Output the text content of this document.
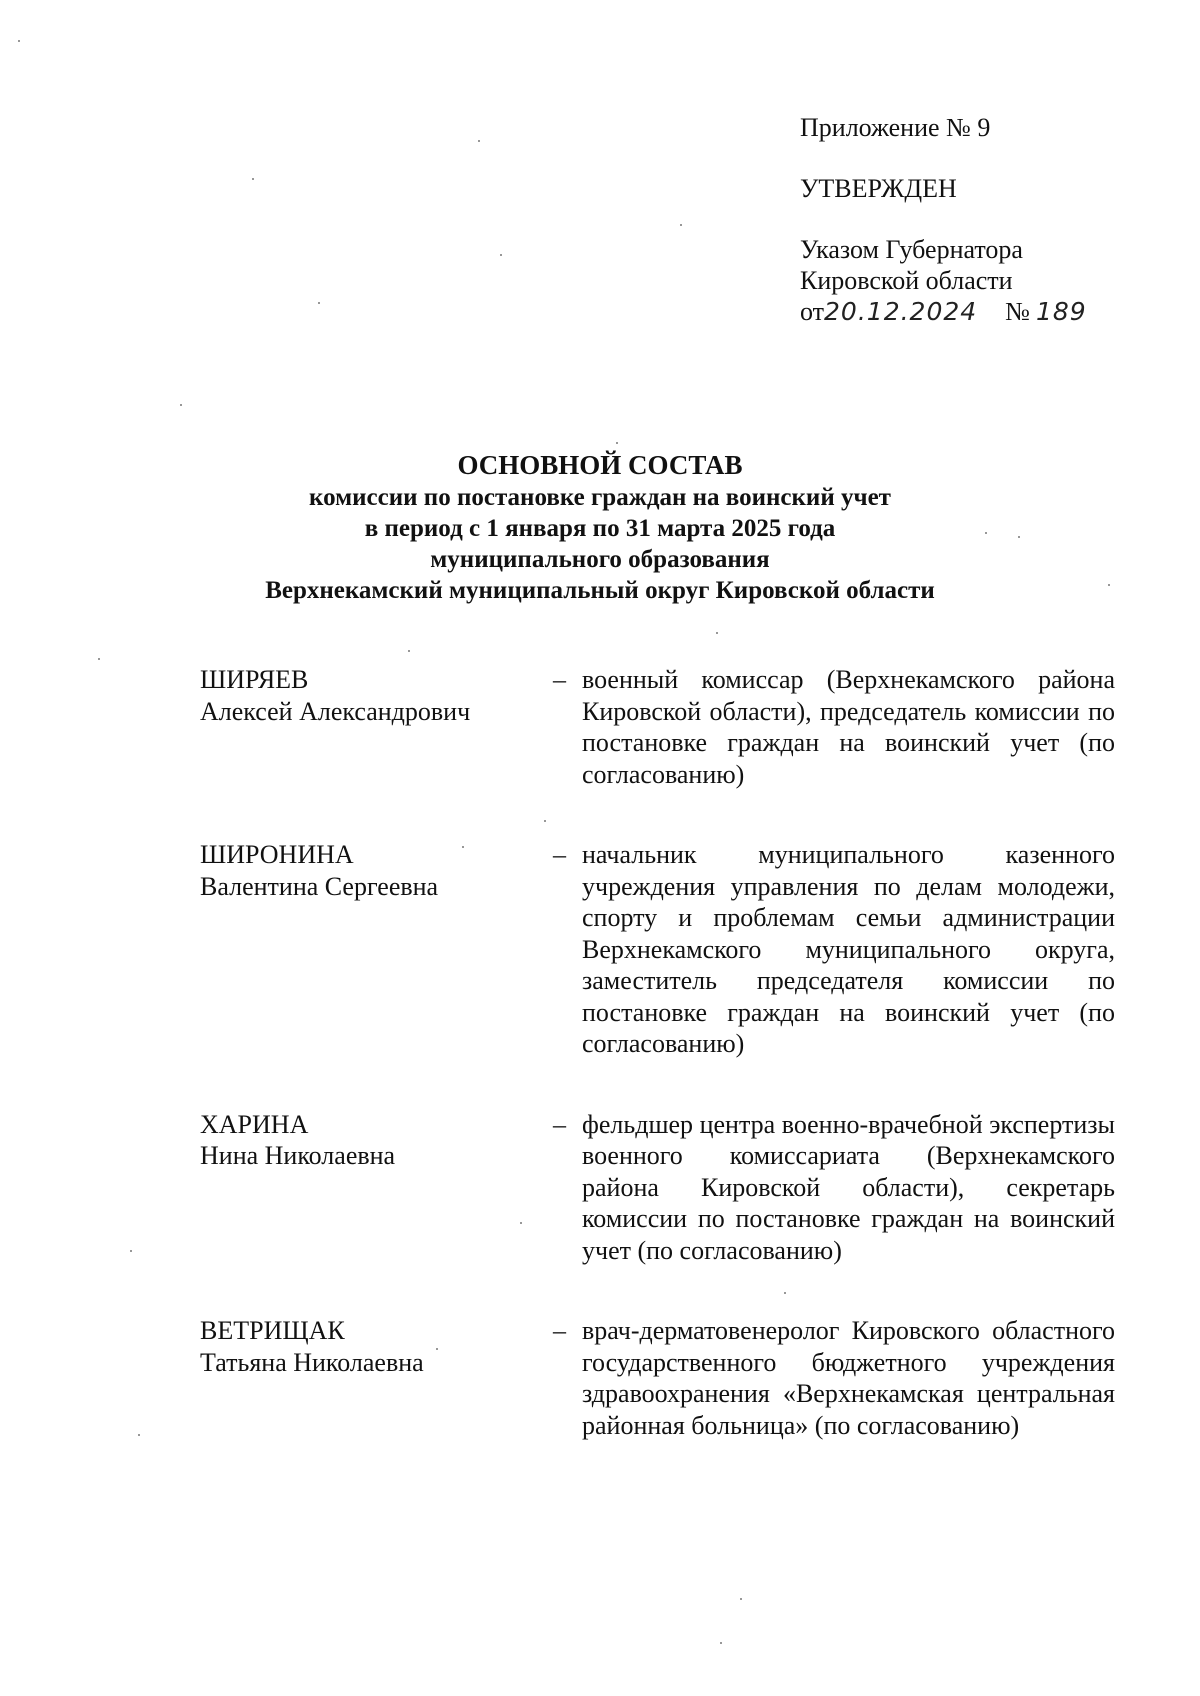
Приложение № 9
УТВЕРЖДЕН
Указом Губернатора
Кировской области
от20.12.2024 № 189
ОСНОВНОЙ СОСТАВ
комиссии по постановке граждан на воинский учет
в период с 1 января по 31 марта 2025 года
муниципального образования
Верхнекамский муниципальный округ Кировской области
ШИРЯЕВ
Алексей Александрович
– военный комиссар (Верхнекамского района Кировской области), председатель комиссии по постановке граждан на воинский учет (по согласованию)
ШИРОНИНА
Валентина Сергеевна
– начальник муниципального казенного учреждения управления по делам молодежи, спорту и проблемам семьи администрации Верхнекамского муниципального округа, заместитель председателя комиссии по постановке граждан на воинский учет (по согласованию)
ХАРИНА
Нина Николаевна
– фельдшер центра военно-врачебной экспертизы военного комиссариата (Верхнекамского района Кировской области), секретарь комиссии по постановке граждан на воинский учет (по согласованию)
ВЕТРИЩАК
Татьяна Николаевна
– врач-дерматовенеролог Кировского областного государственного бюджетного учреждения здравоохранения «Верхнекамская центральная районная больница» (по согласованию)
